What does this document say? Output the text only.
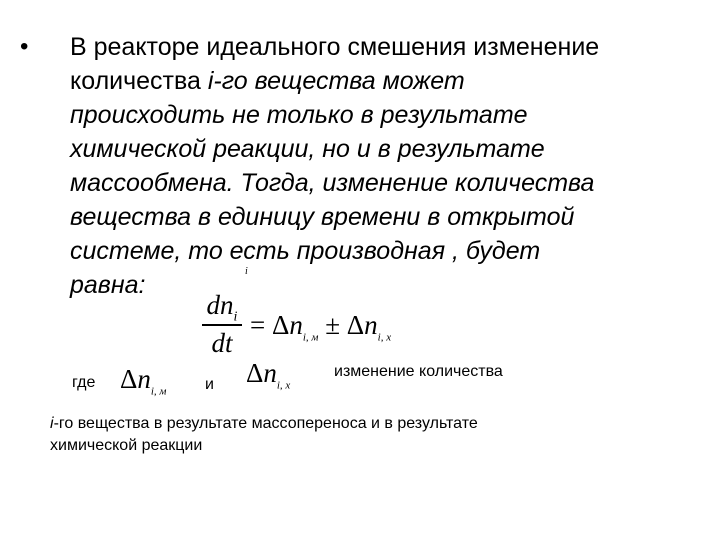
• В реакторе идеального смешения изменение
количества i-го вещества может
происходить не только в результате
химической реакции, но и в результате
массообмена. Тогда, изменение количества
вещества в единицу времени в открытой
системе, то есть производная , будет
равна:	i
$dn_i$
dt
= $\Delta n_{i, м} \pm \Delta n_{i, х}$
где $\Delta n_{i, м}$ и $\Delta n_{i, х}$
изменение количества
i-го вещества в результате массопереноса и в результате
химической реакции
